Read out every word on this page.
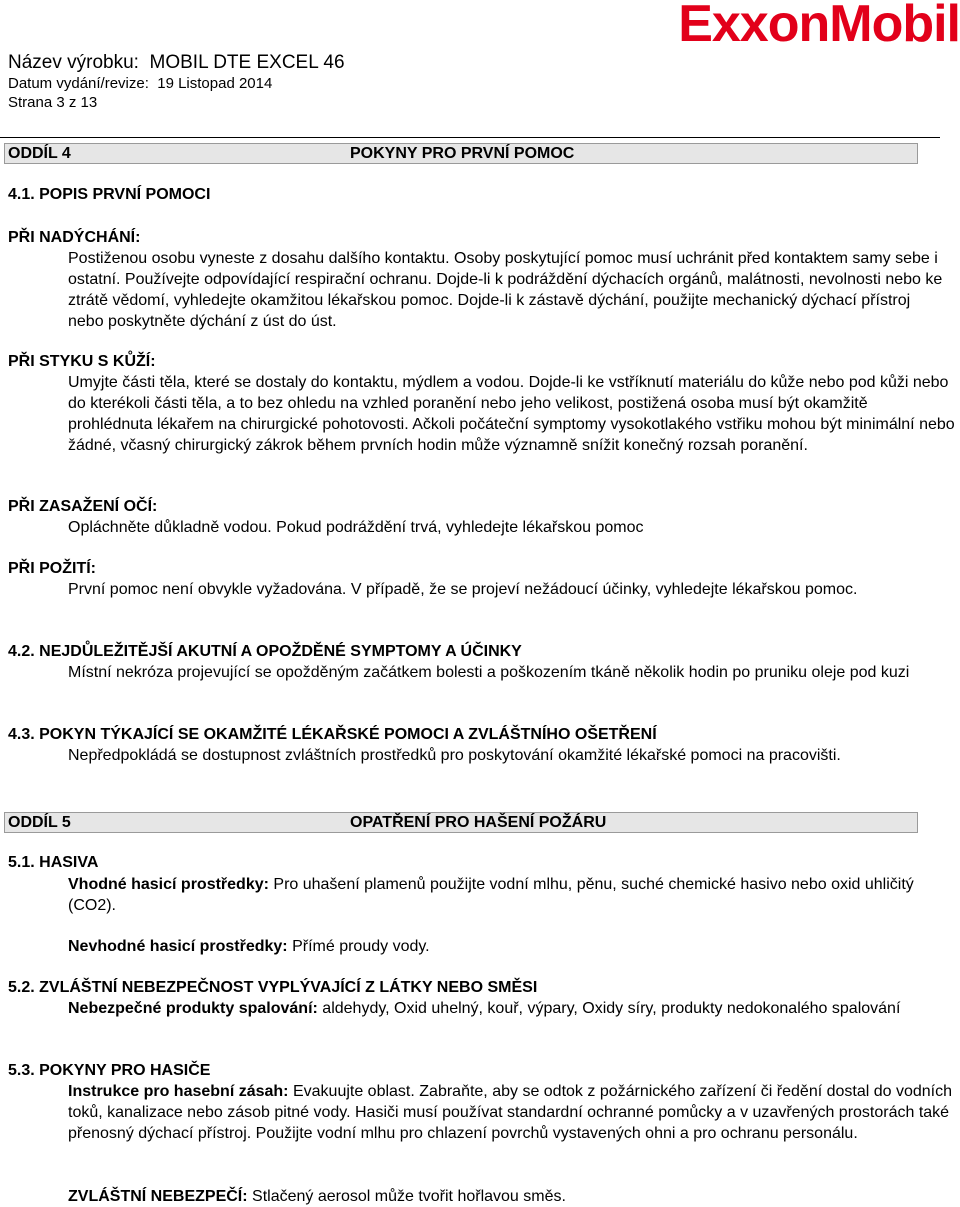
ExxonMobil
Název výrobku: MOBIL DTE EXCEL 46
Datum vydání/revize: 19 Listopad 2014
Strana 3 z 13
ODDÍL 4	POKYNY PRO PRVNÍ POMOC
4.1. POPIS PRVNÍ POMOCI
PŘI NADÝCHÁNÍ:
Postiženou osobu vyneste z dosahu dalšího kontaktu. Osoby poskytující pomoc musí uchránit před kontaktem samy sebe i ostatní. Používejte odpovídající respirační ochranu. Dojde-li k podráždění dýchacích orgánů, malátnosti, nevolnosti nebo ke ztrátě vědomí, vyhledejte okamžitou lékařskou pomoc. Dojde-li k zástavě dýchání, použijte mechanický dýchací přístroj nebo poskytněte dýchání z úst do úst.
PŘI STYKU S KŮŽÍ:
Umyjte části těla, které se dostaly do kontaktu, mýdlem a vodou. Dojde-li ke vstříknutí materiálu do kůže nebo pod kůži nebo do kterékoli části těla, a to bez ohledu na vzhled poranění nebo jeho velikost, postižená osoba musí být okamžitě prohlédnuta lékařem na chirurgické pohotovosti. Ačkoli počáteční symptomy vysokotlakého vstřiku mohou být minimální nebo žádné, včasný chirurgický zákrok během prvních hodin může významně snížit konečný rozsah poranění.
PŘI ZASAŽENÍ OČÍ:
Opláchněte důkladně vodou. Pokud podráždění trvá, vyhledejte lékařskou pomoc
PŘI POŽITÍ:
První pomoc není obvykle vyžadována. V případě, že se projeví nežádoucí účinky, vyhledejte lékařskou pomoc.
4.2. NEJDŮLEŽITĚJŠÍ AKUTNÍ A OPOŽDĚNÉ SYMPTOMY A ÚČINKY
Místní nekróza projevující se opožděným začátkem bolesti a poškozením tkáně několik hodin po pruniku oleje pod kuzi
4.3. POKYN TÝKAJÍCÍ SE OKAMŽITÉ LÉKAŘSKÉ POMOCI A ZVLÁŠTNÍHO OŠETŘENÍ
Nepředpokládá se dostupnost zvláštních prostředků pro poskytování okamžité lékařské pomoci na pracovišti.
ODDÍL 5	OPATŘENÍ PRO HAŠENÍ POŽÁRU
5.1. HASIVA
Vhodné hasicí prostředky: Pro uhašení plamenů použijte vodní mlhu, pěnu, suché chemické hasivo nebo oxid uhličitý (CO2).
Nevhodné hasicí prostředky: Přímé proudy vody.
5.2. ZVLÁŠTNÍ NEBEZPEČNOST VYPLÝVAJÍCÍ Z LÁTKY NEBO SMĚSI
Nebezpečné produkty spalování: aldehydy, Oxid uhelný, kouř, výpary, Oxidy síry, produkty nedokonalého spalování
5.3. POKYNY PRO HASIČE
Instrukce pro hasební zásah: Evakuujte oblast. Zabraňte, aby se odtok z požárnického zařízení či ředění dostal do vodních toků, kanalizace nebo zásob pitné vody. Hasiči musí používat standardní ochranné pomůcky a v uzavřených prostorách také přenosný dýchací přístroj. Použijte vodní mlhu pro chlazení povrchů vystavených ohni a pro ochranu personálu.
ZVLÁŠTNÍ NEBEZPEČÍ: Stlačený aerosol může tvořit hořlavou směs.
